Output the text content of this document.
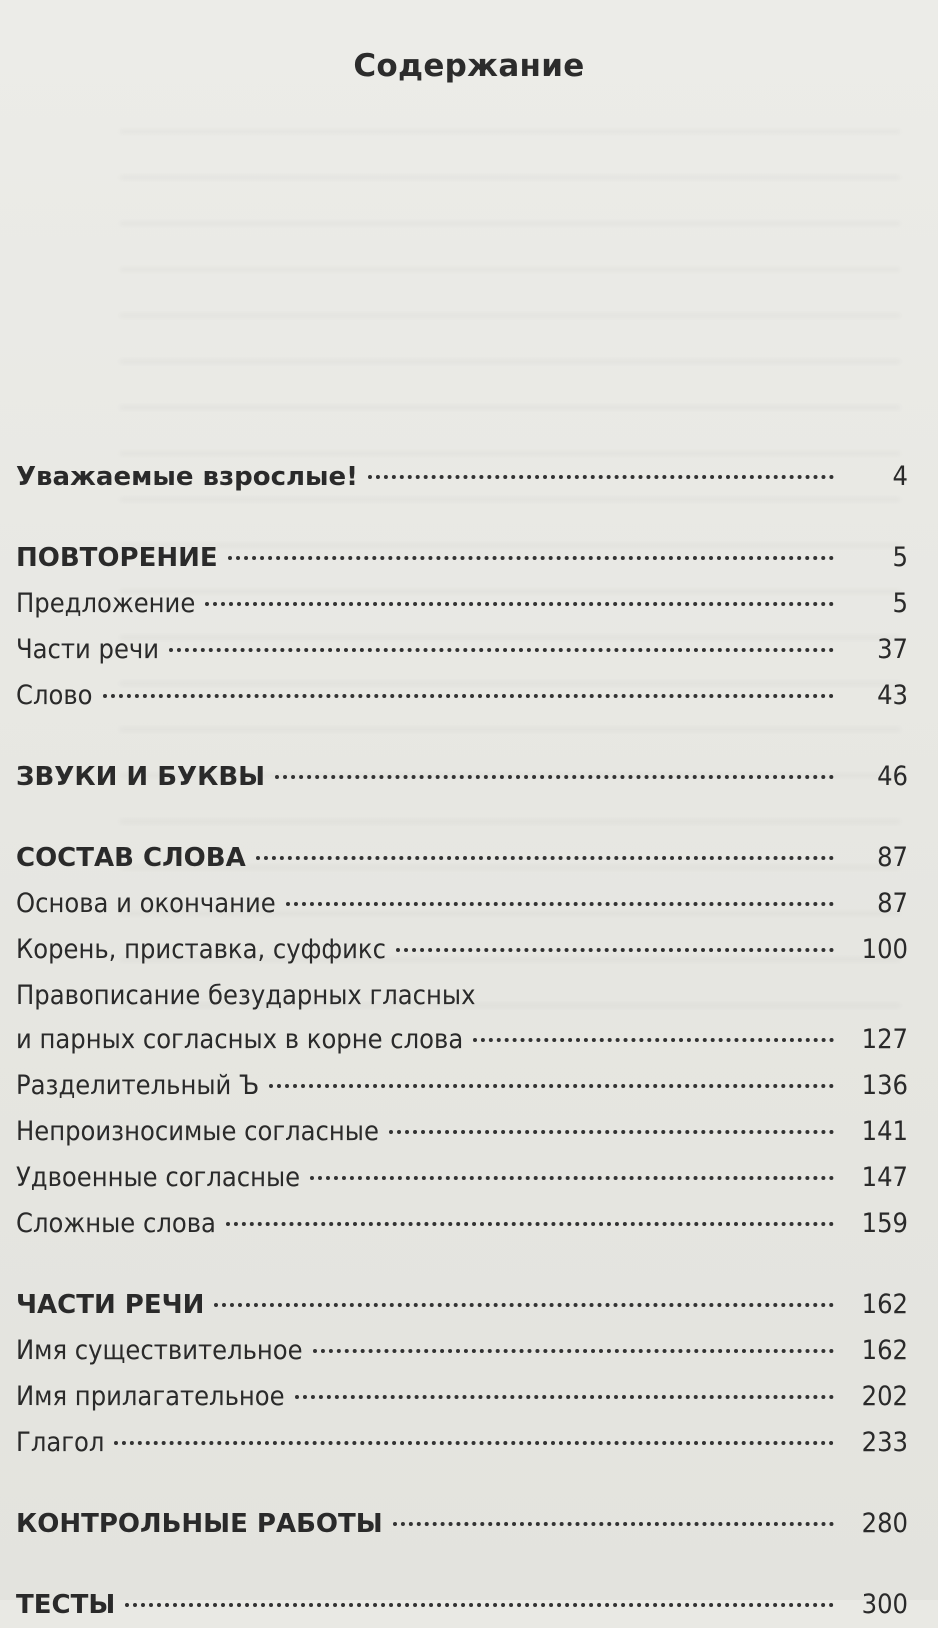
Содержание
Уважаемые взрослые!	4
ПОВТОРЕНИЕ	5
Предложение	5
Части речи	37
Слово	43
ЗВУКИ И БУКВЫ	46
СОСТАВ СЛОВА	87
Основа и окончание	87
Корень, приставка, суффикс	100
Правописание безударных гласных
и парных согласных в корне слова	127
Разделительный Ъ	136
Непроизносимые согласные	141
Удвоенные согласные	147
Сложные слова	159
ЧАСТИ РЕЧИ	162
Имя существительное	162
Имя прилагательное	202
Глагол	233
КОНТРОЛЬНЫЕ РАБОТЫ	280
ТЕСТЫ	300
